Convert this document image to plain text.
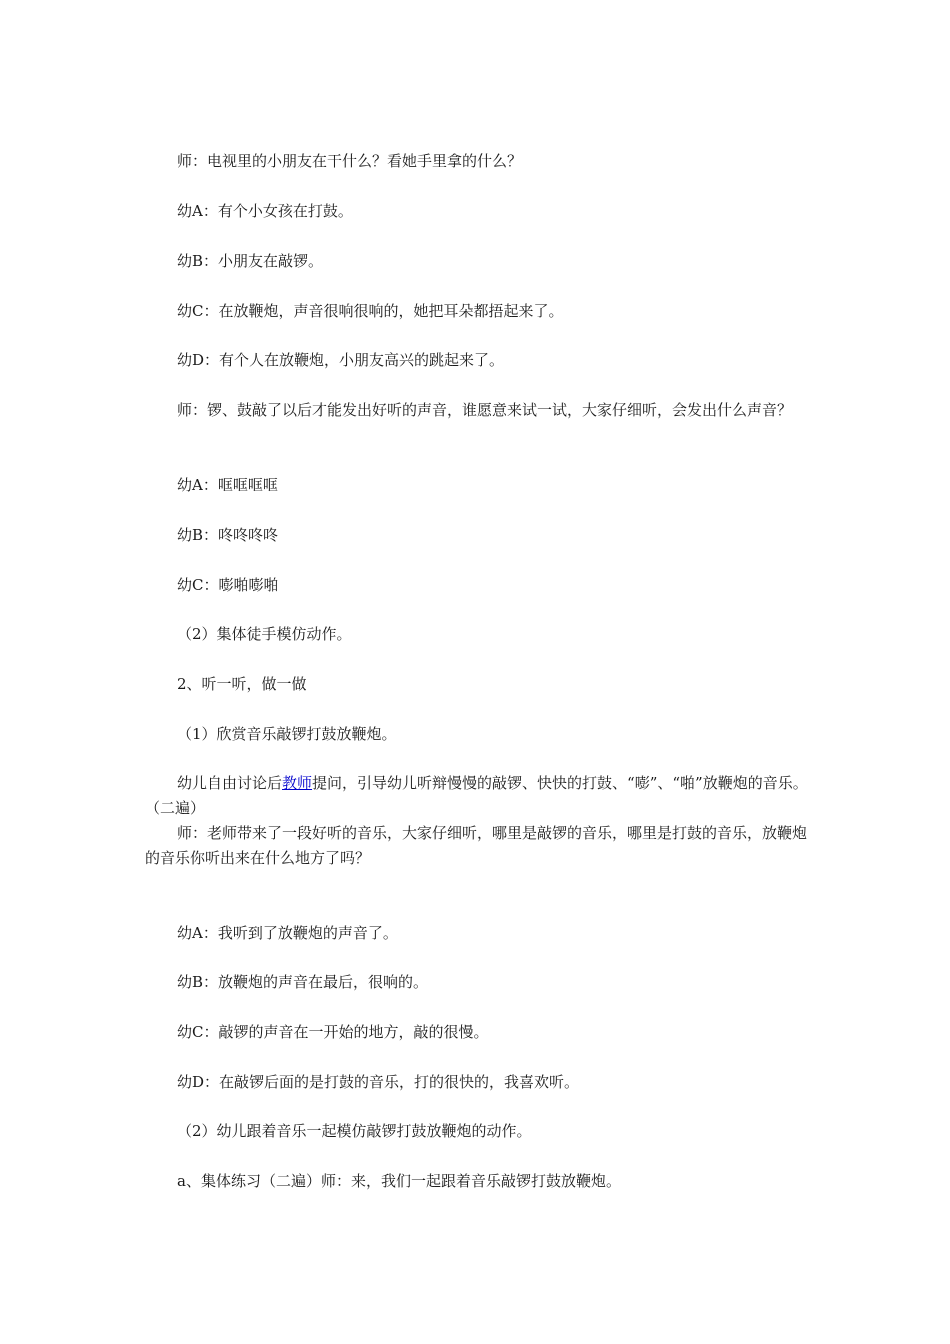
师：电视里的小朋友在干什么？看她手里拿的什么？

幼A：有个小女孩在打鼓。

幼B：小朋友在敲锣。

幼C：在放鞭炮，声音很响很响的，她把耳朵都捂起来了。

幼D：有个人在放鞭炮，小朋友高兴的跳起来了。

师：锣、鼓敲了以后才能发出好听的声音，谁愿意来试一试，大家仔细听，会发出什么声音？

幼A：哐哐哐哐

幼B：咚咚咚咚

幼C：嘭啪嘭啪

（2）集体徒手模仿动作。

2、听一听，做一做

（1）欣赏音乐敲锣打鼓放鞭炮。

幼儿自由讨论后教师提问，引导幼儿听辩慢慢的敲锣、快快的打鼓、“嘭”、“啪”放鞭炮的音乐。（二遍）

师：老师带来了一段好听的音乐，大家仔细听，哪里是敲锣的音乐，哪里是打鼓的音乐，放鞭炮的音乐你听出来在什么地方了吗？

幼A：我听到了放鞭炮的声音了。

幼B：放鞭炮的声音在最后，很响的。

幼C：敲锣的声音在一开始的地方，敲的很慢。

幼D：在敲锣后面的是打鼓的音乐，打的很快的，我喜欢听。

（2）幼儿跟着音乐一起模仿敲锣打鼓放鞭炮的动作。

a、集体练习（二遍）师：来，我们一起跟着音乐敲锣打鼓放鞭炮。
